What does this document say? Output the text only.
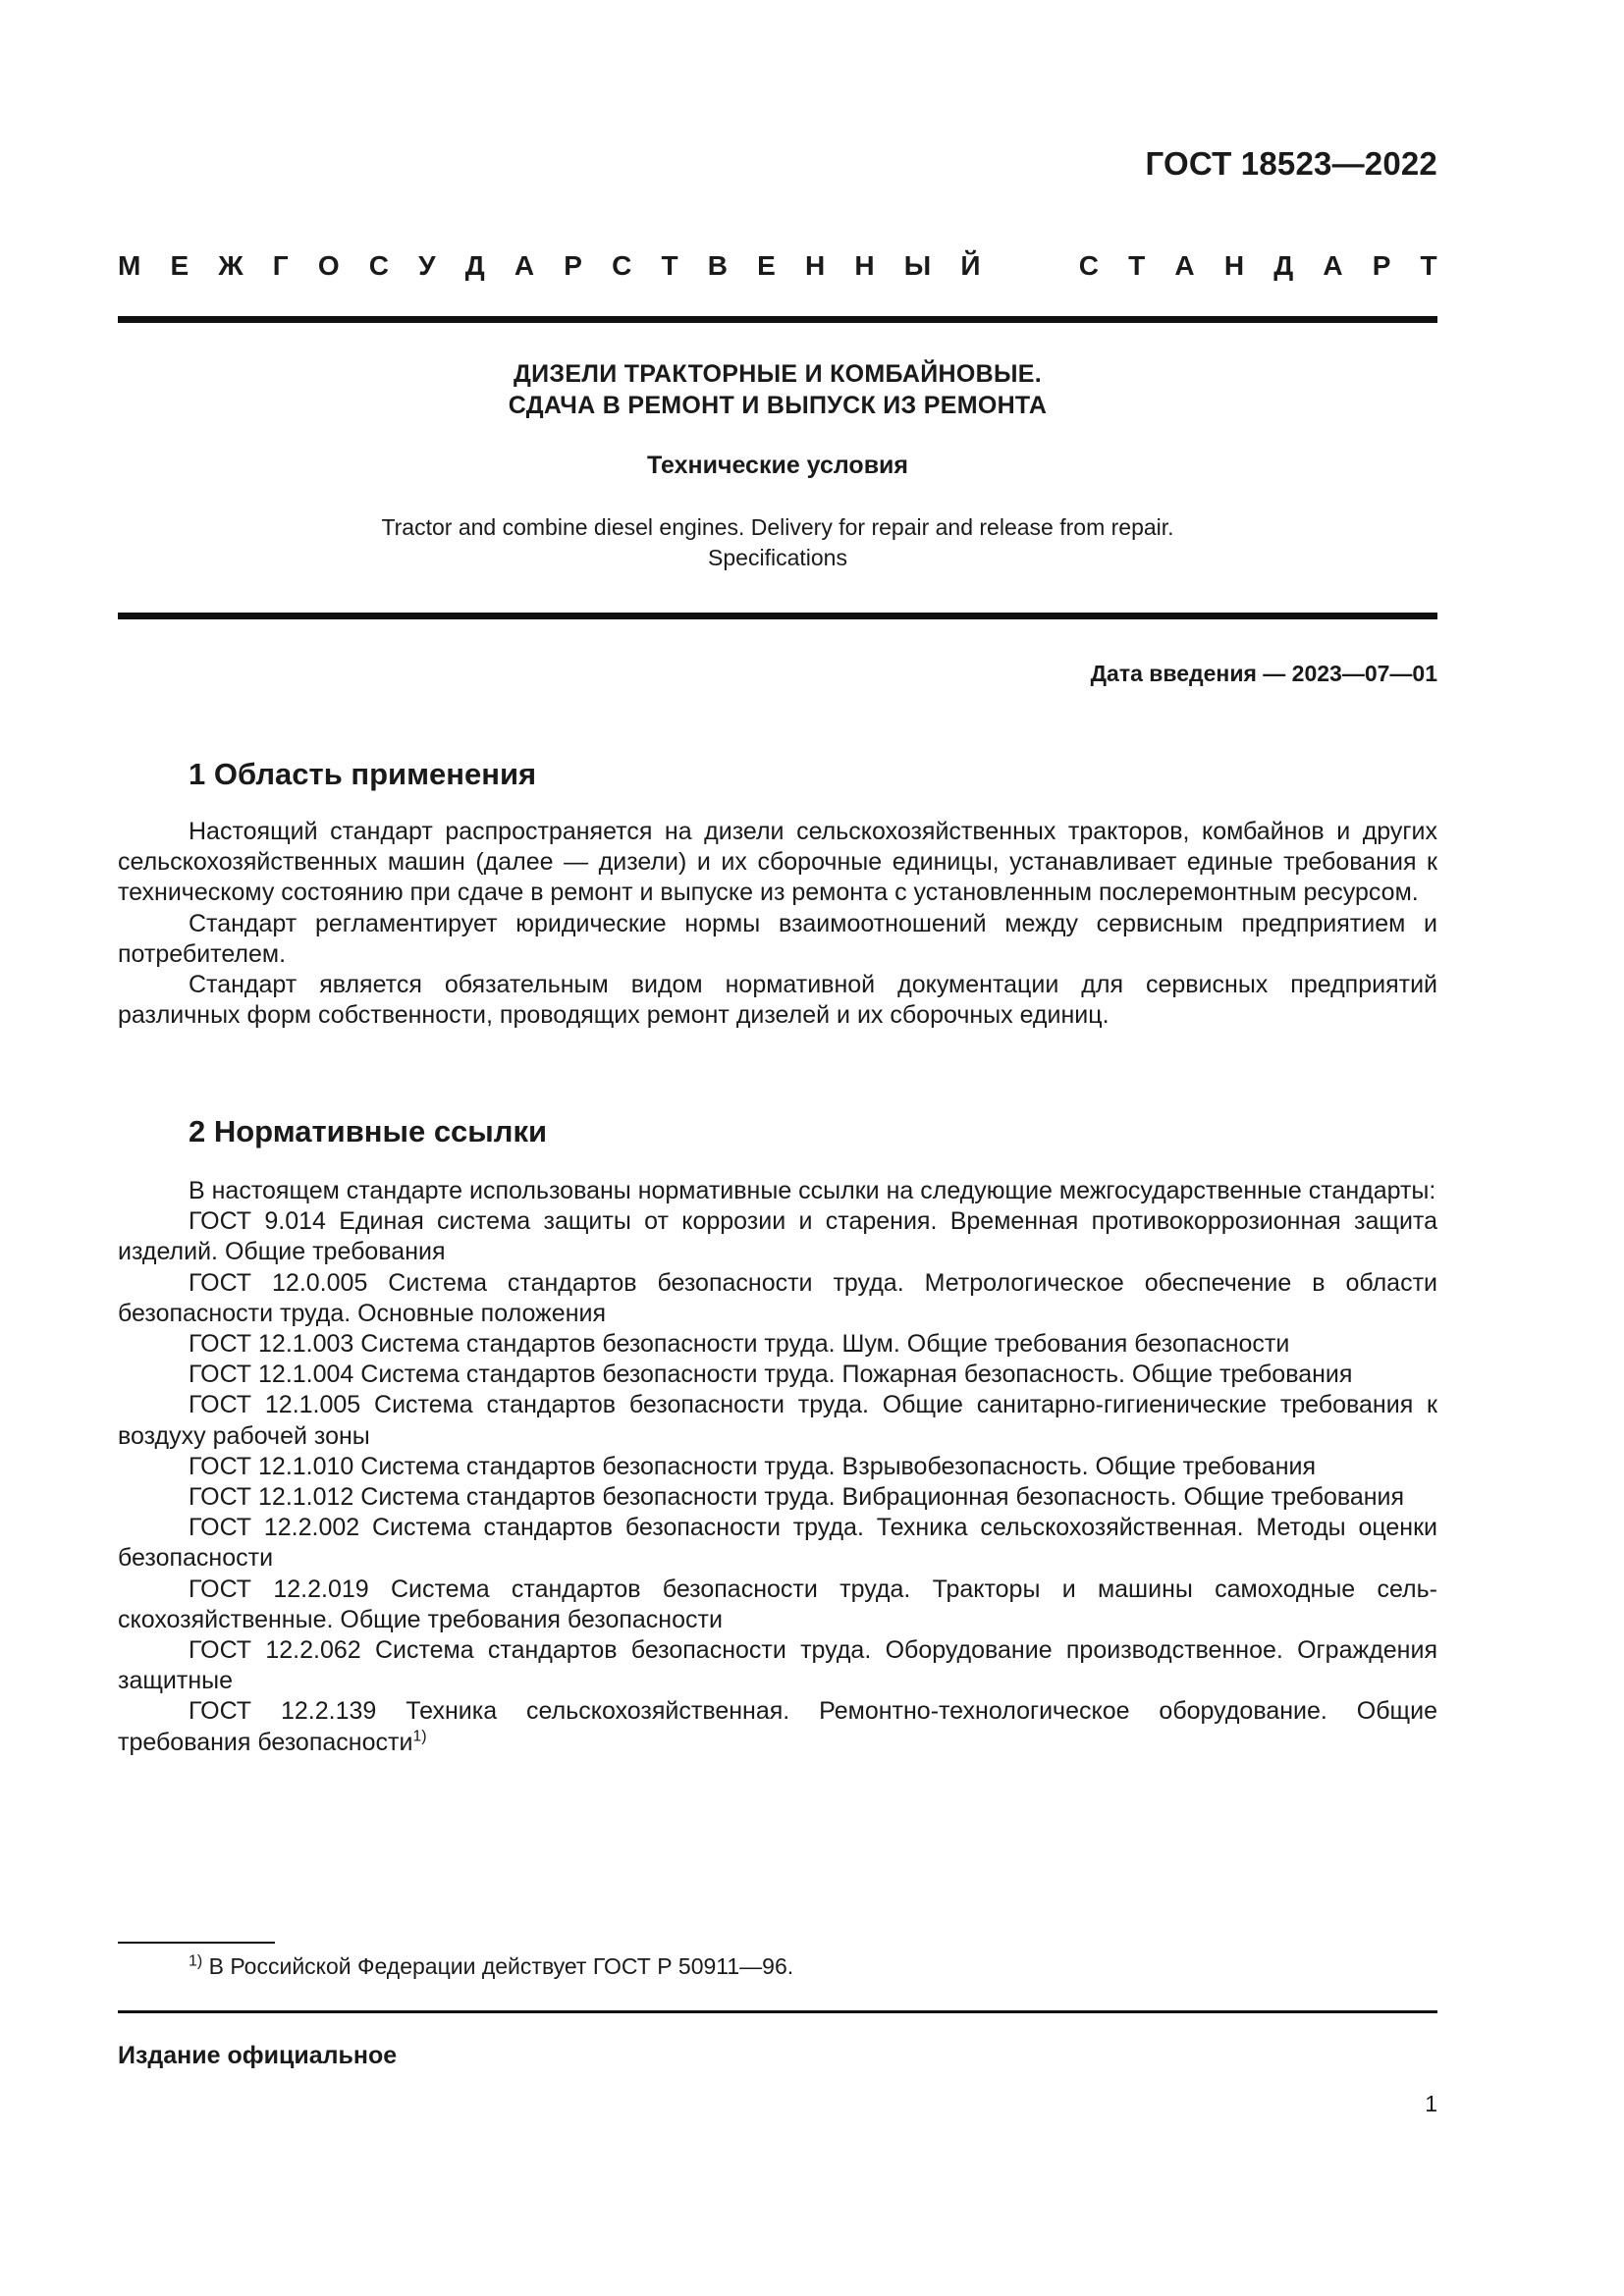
ГОСТ 18523—2022
М Е Ж Г О С У Д А Р С Т В Е Н Н Ы Й	С Т А Н Д А Р Т
ДИЗЕЛИ ТРАКТОРНЫЕ И КОМБАЙНОВЫЕ.
СДАЧА В РЕМОНТ И ВЫПУСК ИЗ РЕМОНТА
Технические условия
Tractor and combine diesel engines. Delivery for repair and release from repair.
Specifications
Дата введения — 2023—07—01
1 Область применения

Настоящий стандарт распространяется на дизели сельскохозяйственных тракторов, комбайнов и других сельскохозяйственных машин (далее — дизели) и их сборочные единицы, устанавливает единые требования к техническому состоянию при сдаче в ремонт и выпуске из ремонта с установленным послеремонтным ресурсом.

Стандарт регламентирует юридические нормы взаимоотношений между сервисным предприятием и потребителем.

Стандарт является обязательным видом нормативной документации для сервисных предприятий различных форм собственности, проводящих ремонт дизелей и их сборочных единиц.

2 Нормативные ссылки

В настоящем стандарте использованы нормативные ссылки на следующие межгосударственные стандарты:

ГОСТ 9.014 Единая система защиты от коррозии и старения. Временная противокоррозионная защита изделий. Общие требования

ГОСТ 12.0.005 Система стандартов безопасности труда. Метрологическое обеспечение в области безопасности труда. Основные положения

ГОСТ 12.1.003 Система стандартов безопасности труда. Шум. Общие требования безопасности

ГОСТ 12.1.004 Система стандартов безопасности труда. Пожарная безопасность. Общие требования

ГОСТ 12.1.005 Система стандартов безопасности труда. Общие санитарно-гигиенические требования к воздуху рабочей зоны

ГОСТ 12.1.010 Система стандартов безопасности труда. Взрывобезопасность. Общие требования

ГОСТ 12.1.012 Система стандартов безопасности труда. Вибрационная безопасность. Общие требования

ГОСТ 12.2.002 Система стандартов безопасности труда. Техника сельскохозяйственная. Методы оценки безопасности

ГОСТ 12.2.019 Система стандартов безопасности труда. Тракторы и машины самоходные сельскохозяйственные. Общие требования безопасности

ГОСТ 12.2.062 Система стандартов безопасности труда. Оборудование производственное. Ограждения защитные

ГОСТ 12.2.139 Техника сельскохозяйственная. Ремонтно-технологическое оборудование. Общие требования безопасности$^{1)}$

$^{1)}$ В Российской Федерации действует ГОСТ Р 50911—96.
Издание официальное
1
